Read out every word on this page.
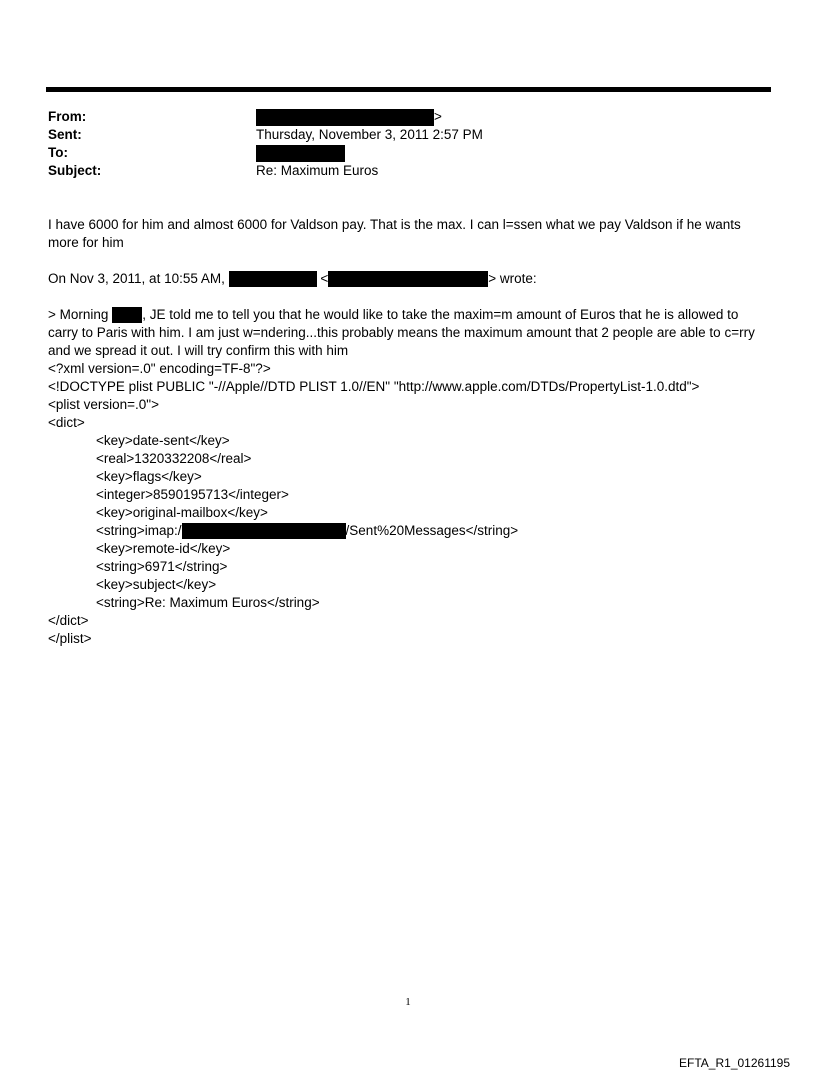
From:	>
Sent:	Thursday, November 3, 2011 2:57 PM
To:
Subject:	Re: Maximum Euros
I have 6000 for him and almost 6000 for Valdson pay. That is the max. I can l=ssen what we pay Valdson if he wants
more for him
On Nov 3, 2011, at 10:55 AM,	<	> wrote:
> Morning	, JE told me to tell you that he would like to take the maxim=m amount of Euros that he is allowed to
carry to Paris with him. I am just w=ndering...this probably means the maximum amount that 2 people are able to c=rry
and we spread it out. I will try confirm this with him
<?xml version=.0" encoding=TF-8"?>
<!DOCTYPE plist PUBLIC "-//Apple//DTD PLIST 1.0//EN" "http://www.apple.com/DTDs/PropertyList-1.0.dtd">
<plist version=.0">
<dict>
<key>date-sent</key>
<real>1320332208</real>
<key>flags</key>
<integer>8590195713</integer>
<key>original-mailbox</key>
<string>imap:/	/Sent%20Messages</string>
<key>remote-id</key>
<string>6971</string>
<key>subject</key>
<string>Re: Maximum Euros</string>
</dict>
</plist>
1
EFTA_R1_01261195
